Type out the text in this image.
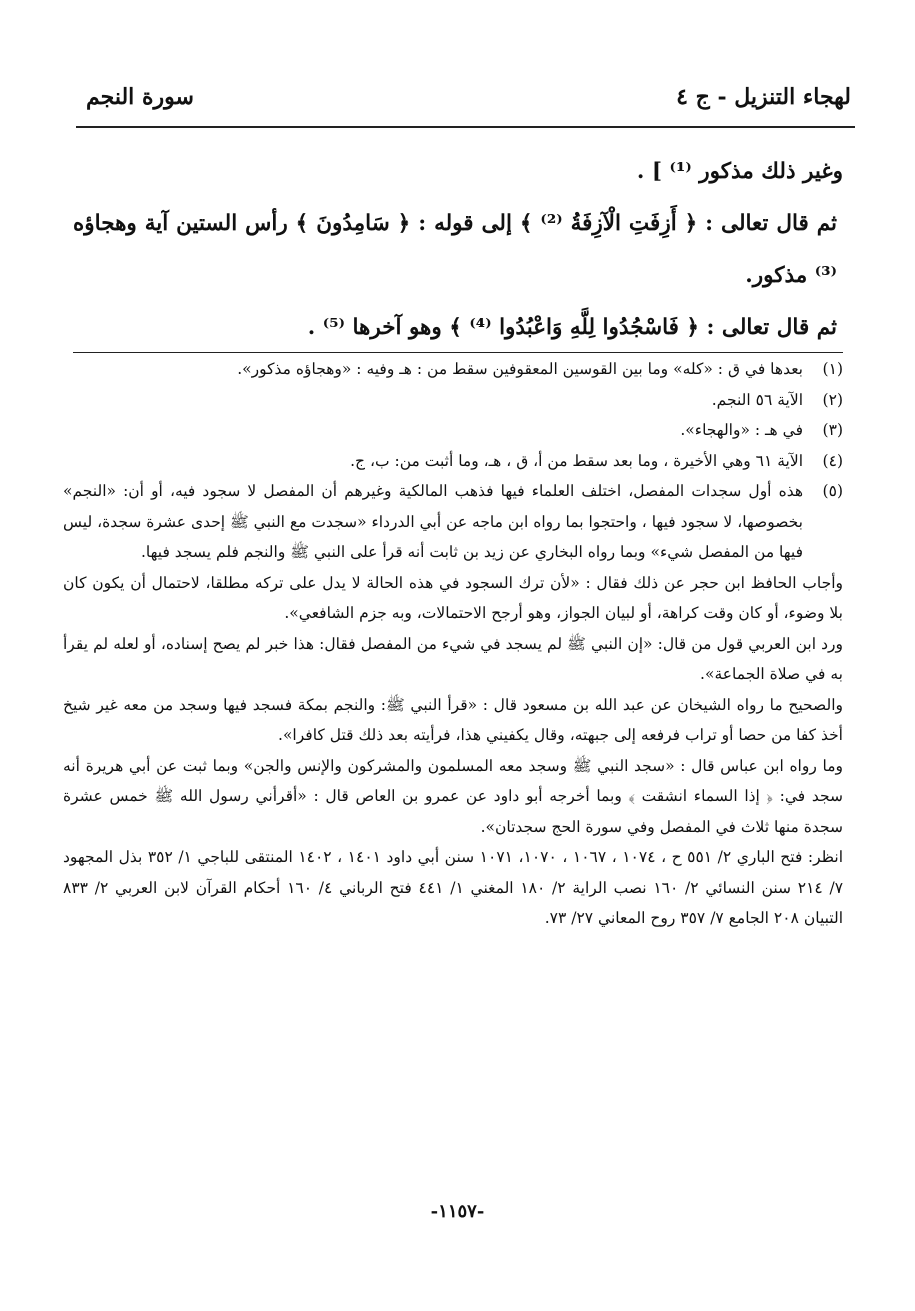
لهجاء التنزيل - ج ٤
سورة النجم

وغير ذلك مذكور ⁽¹⁾ ] .

ثم قال تعالى : ﴿ أَزِفَتِ الْآزِفَةُ ⁽²⁾ ﴾ إلى قوله : ﴿ سَامِدُونَ ﴾ رأس الستين آية وهجاؤه ⁽³⁾ مذكور.

ثم قال تعالى : ﴿ فَاسْجُدُوا لِلَّهِ وَاعْبُدُوا ⁽⁴⁾ ﴾ وهو آخرها ⁽⁵⁾ .

(١)

بعدها في ق : «كله» وما بين القوسين المعقوفين سقط من : هـ وفيه : «وهجاؤه مذكور».

(٢)

الآية ٥٦ النجم.

(٣)

في هـ : «والهجاء».

(٤)

الآية ٦١ وهي الأخيرة ، وما بعد سقط من أ، ق ، هـ، وما أثبت من: ب، ج.

(٥)

هذه أول سجدات المفصل، اختلف العلماء فيها فذهب المالكية وغيرهم أن المفصل لا سجود فيه، أو أن: «النجم» بخصوصها، لا سجود فيها ، واحتجوا بما رواه ابن ماجه عن أبي الدرداء «سجدت مع النبي ﷺ إحدى عشرة سجدة، ليس فيها من المفصل شيء» وبما رواه البخاري عن زيد بن ثابت أنه قرأ على النبي ﷺ والنجم فلم يسجد فيها.

وأجاب الحافظ ابن حجر عن ذلك فقال : «لأن ترك السجود في هذه الحالة لا يدل على تركه مطلقا، لاحتمال أن يكون كان بلا وضوء، أو كان وقت كراهة، أو لبيان الجواز، وهو أرجح الاحتمالات، وبه جزم الشافعي».

ورد ابن العربي قول من قال: «إن النبي ﷺ لم يسجد في شيء من المفصل فقال: هذا خبر لم يصح إسناده، أو لعله لم يقرأ به في صلاة الجماعة».

والصحيح ما رواه الشيخان عن عبد الله بن مسعود قال : «قرأ النبي ﷺ: والنجم بمكة فسجد فيها وسجد من معه غير شيخ أخذ كفا من حصا أو تراب فرفعه إلى جبهته، وقال يكفيني هذا، فرأيته بعد ذلك قتل كافرا».

وما رواه ابن عباس قال : «سجد النبي ﷺ وسجد معه المسلمون والمشركون والإنس والجن» وبما ثبت عن أبي هريرة أنه سجد في: ﴿ إذا السماء انشقت ﴾ وبما أخرجه أبو داود عن عمرو بن العاص قال : «أقرأني رسول الله ﷺ خمس عشرة سجدة منها ثلاث في المفصل وفي سورة الحج سجدتان».

انظر: فتح الباري ٢/ ٥٥١ ح ، ١٠٧٤ ، ١٠٦٧ ، ١٠٧٠، ١٠٧١ سنن أبي داود ١٤٠١ ، ١٤٠٢ المنتقى للباجي ١/ ٣٥٢ بذل المجهود ٧/ ٢١٤ سنن النسائي ٢/ ١٦٠ نصب الراية ٢/ ١٨٠ المغني ١/ ٤٤١ فتح الرباني ٤/ ١٦٠ أحكام القرآن لابن العربي ٢/ ٨٣٣ التبيان ٢٠٨ الجامع ٧/ ٣٥٧ روح المعاني ٢٧/ ٧٣.

-١١٥٧-
